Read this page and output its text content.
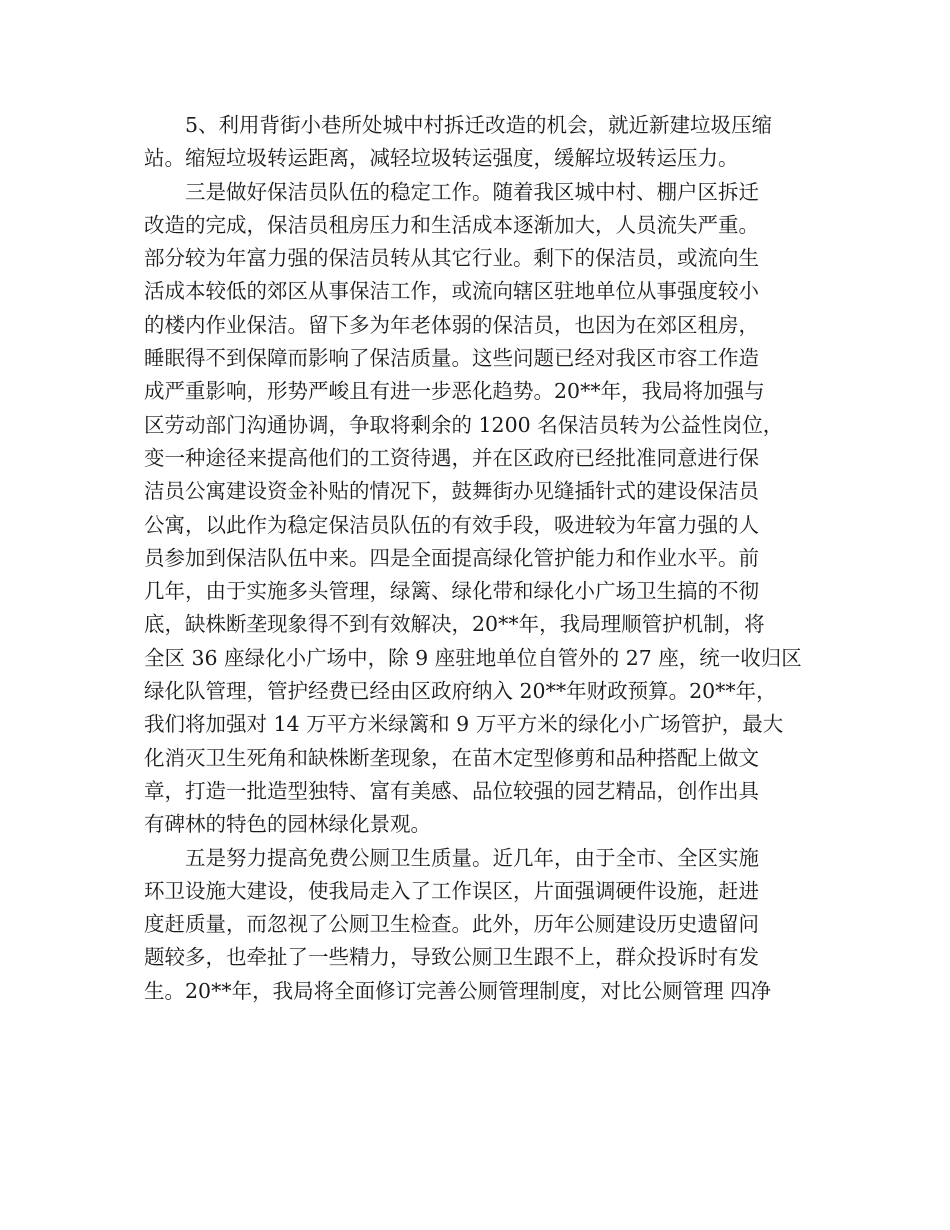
5、利用背街小巷所处城中村拆迁改造的机会，就近新建垃圾压缩
站。缩短垃圾转运距离，减轻垃圾转运强度，缓解垃圾转运压力。

三是做好保洁员队伍的稳定工作。随着我区城中村、棚户区拆迁
改造的完成，保洁员租房压力和生活成本逐渐加大，人员流失严重。
部分较为年富力强的保洁员转从其它行业。剩下的保洁员，或流向生
活成本较低的郊区从事保洁工作，或流向辖区驻地单位从事强度较小
的楼内作业保洁。留下多为年老体弱的保洁员，也因为在郊区租房，
睡眠得不到保障而影响了保洁质量。这些问题已经对我区市容工作造
成严重影响，形势严峻且有进一步恶化趋势。20**年，我局将加强与
区劳动部门沟通协调，争取将剩余的 1200 名保洁员转为公益性岗位，
变一种途径来提高他们的工资待遇，并在区政府已经批准同意进行保
洁员公寓建设资金补贴的情况下，鼓舞街办见缝插针式的建设保洁员
公寓，以此作为稳定保洁员队伍的有效手段，吸进较为年富力强的人
员参加到保洁队伍中来。四是全面提高绿化管护能力和作业水平。前
几年，由于实施多头管理，绿篱、绿化带和绿化小广场卫生搞的不彻
底，缺株断垄现象得不到有效解决，20**年，我局理顺管护机制，将
全区 36 座绿化小广场中，除 9 座驻地单位自管外的 27 座，统一收归区
绿化队管理，管护经费已经由区政府纳入 20**年财政预算。20**年，
我们将加强对 14 万平方米绿篱和 9 万平方米的绿化小广场管护，最大
化消灭卫生死角和缺株断垄现象，在苗木定型修剪和品种搭配上做文
章，打造一批造型独特、富有美感、品位较强的园艺精品，创作出具
有碑林的特色的园林绿化景观。

五是努力提高免费公厕卫生质量。近几年，由于全市、全区实施
环卫设施大建设，使我局走入了工作误区，片面强调硬件设施，赶进
度赶质量，而忽视了公厕卫生检查。此外，历年公厕建设历史遗留问
题较多，也牵扯了一些精力，导致公厕卫生跟不上，群众投诉时有发
生。20**年，我局将全面修订完善公厕管理制度，对比公厕管理 四净
